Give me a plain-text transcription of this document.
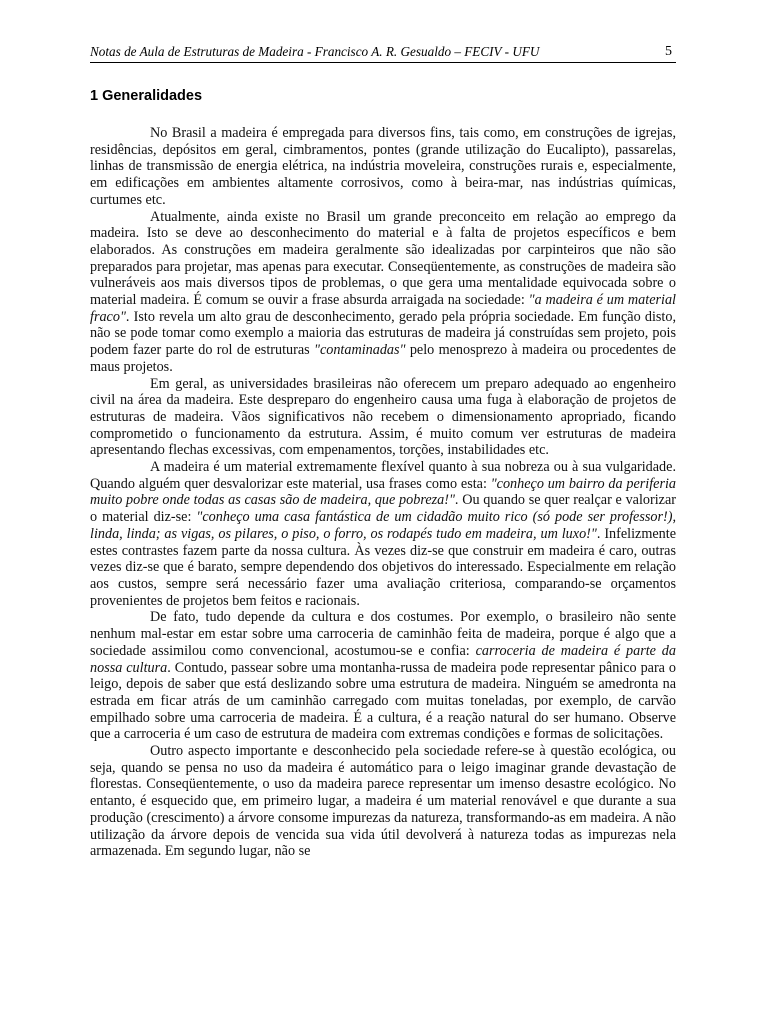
Notas de Aula de Estruturas de Madeira - Francisco A. R. Gesualdo – FECIV - UFU	5
1 Generalidades

No Brasil a madeira é empregada para diversos fins, tais como, em construções de igrejas, residências, depósitos em geral, cimbramentos, pontes (grande utilização do Eucalipto), passarelas, linhas de transmissão de energia elétrica, na indústria moveleira, construções rurais e, especialmente, em edificações em ambientes altamente corrosivos, como à beira-mar, nas indústrias químicas, curtumes etc.

Atualmente, ainda existe no Brasil um grande preconceito em relação ao emprego da madeira. Isto se deve ao desconhecimento do material e à falta de projetos específicos e bem elaborados. As construções em madeira geralmente são idealizadas por carpinteiros que não são preparados para projetar, mas apenas para executar. Conseqüentemente, as construções de madeira são vulneráveis aos mais diversos tipos de problemas, o que gera uma mentalidade equivocada sobre o material madeira. É comum se ouvir a frase absurda arraigada na sociedade: "a madeira é um material fraco". Isto revela um alto grau de desconhecimento, gerado pela própria sociedade. Em função disto, não se pode tomar como exemplo a maioria das estruturas de madeira já construídas sem projeto, pois podem fazer parte do rol de estruturas "contaminadas" pelo menosprezo à madeira ou procedentes de maus projetos.

Em geral, as universidades brasileiras não oferecem um preparo adequado ao engenheiro civil na área da madeira. Este despreparo do engenheiro causa uma fuga à elaboração de projetos de estruturas de madeira. Vãos significativos não recebem o dimensionamento apropriado, ficando comprometido o funcionamento da estrutura. Assim, é muito comum ver estruturas de madeira apresentando flechas excessivas, com empenamentos, torções, instabilidades etc.

A madeira é um material extremamente flexível quanto à sua nobreza ou à sua vulgaridade. Quando alguém quer desvalorizar este material, usa frases como esta: "conheço um bairro da periferia muito pobre onde todas as casas são de madeira, que pobreza!". Ou quando se quer realçar e valorizar o material diz-se: "conheço uma casa fantástica de um cidadão muito rico (só pode ser professor!), linda, linda; as vigas, os pilares, o piso, o forro, os rodapés tudo em madeira, um luxo!". Infelizmente estes contrastes fazem parte da nossa cultura. Às vezes diz-se que construir em madeira é caro, outras vezes diz-se que é barato, sempre dependendo dos objetivos do interessado. Especialmente em relação aos custos, sempre será necessário fazer uma avaliação criteriosa, comparando-se orçamentos provenientes de projetos bem feitos e racionais.

De fato, tudo depende da cultura e dos costumes. Por exemplo, o brasileiro não sente nenhum mal-estar em estar sobre uma carroceria de caminhão feita de madeira, porque é algo que a sociedade assimilou como convencional, acostumou-se e confia: carroceria de madeira é parte da nossa cultura. Contudo, passear sobre uma montanha-russa de madeira pode representar pânico para o leigo, depois de saber que está deslizando sobre uma estrutura de madeira. Ninguém se amedronta na estrada em ficar atrás de um caminhão carregado com muitas toneladas, por exemplo, de carvão empilhado sobre uma carroceria de madeira. É a cultura, é a reação natural do ser humano. Observe que a carroceria é um caso de estrutura de madeira com extremas condições e formas de solicitações.

Outro aspecto importante e desconhecido pela sociedade refere-se à questão ecológica, ou seja, quando se pensa no uso da madeira é automático para o leigo imaginar grande devastação de florestas. Conseqüentemente, o uso da madeira parece representar um imenso desastre ecológico. No entanto, é esquecido que, em primeiro lugar, a madeira é um material renovável e que durante a sua produção (crescimento) a árvore consome impurezas da natureza, transformando-as em madeira. A não utilização da árvore depois de vencida sua vida útil devolverá à natureza todas as impurezas nela armazenada. Em segundo lugar, não se
